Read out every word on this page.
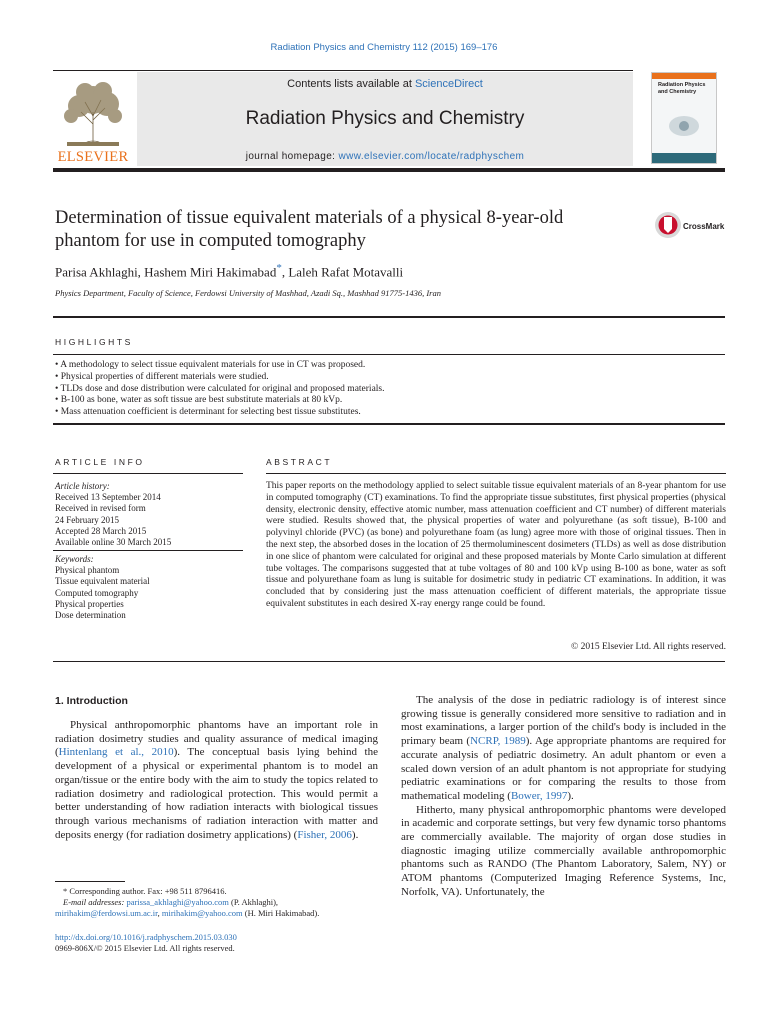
Radiation Physics and Chemistry 112 (2015) 169–176
ELSEVIER
Contents lists available at ScienceDirect
Radiation Physics and Chemistry
journal homepage: www.elsevier.com/locate/radphyschem
Radiation Physics and Chemistry
Determination of tissue equivalent materials of a physical 8-year-old
phantom for use in computed tomography
CrossMark
Parisa Akhlaghi, Hashem Miri Hakimabad*, Laleh Rafat Motavalli
Physics Department, Faculty of Science, Ferdowsi University of Mashhad, Azadi Sq., Mashhad 91775-1436, Iran
HIGHLIGHTS
• A methodology to select tissue equivalent materials for use in CT was proposed.
• Physical properties of different materials were studied.
• TLDs dose and dose distribution were calculated for original and proposed materials.
• B-100 as bone, water as soft tissue are best substitute materials at 80 kVp.
• Mass attenuation coefficient is determinant for selecting best tissue substitutes.
ARTICLE INFO
Article history:
Received 13 September 2014
Received in revised form
24 February 2015
Accepted 28 March 2015
Available online 30 March 2015
Keywords:
Physical phantom
Tissue equivalent material
Computed tomography
Physical properties
Dose determination
ABSTRACT
This paper reports on the methodology applied to select suitable tissue equivalent materials of an 8-year phantom for use in computed tomography (CT) examinations. To find the appropriate tissue substitutes, first physical properties (physical density, electronic density, effective atomic number, mass attenuation coefficient and CT number) of different materials were studied. Results showed that, the physical properties of water and polyurethane (as soft tissue), B-100 and polyvinyl chloride (PVC) (as bone) and polyurethane foam (as lung) agree more with those of original tissues. Then in the next step, the absorbed doses in the location of 25 thermoluminescent dosimeters (TLDs) as well as dose distribution in one slice of phantom were calculated for original and these proposed materials by Monte Carlo simulation at different tube voltages. The comparisons suggested that at tube voltages of 80 and 100 kVp using B-100 as bone, water as soft tissue and polyurethane foam as lung is suitable for dosimetric study in pediatric CT examinations. In addition, it was concluded that by considering just the mass attenuation coefficient of different materials, the appropriate tissue equivalent substitutes in each desired X-ray energy range could be found.
© 2015 Elsevier Ltd. All rights reserved.
1. Introduction

Physical anthropomorphic phantoms have an important role in radiation dosimetry studies and quality assurance of medical imaging (Hintenlang et al., 2010). The conceptual basis lying behind the development of a physical or experimental phantom is to model an organ/tissue or the entire body with the aim to study the topics related to radiation dosimetry and radiological protection. This would permit a better understanding of how radiation interacts with biological tissues through various mechanisms of radiation interaction with matter and deposits energy (for radiation dosimetry applications) (Fisher, 2006).

* Corresponding author. Fax: +98 511 8796416.
E-mail addresses: parissa_akhlaghi@yahoo.com (P. Akhlaghi),
mirihakim@ferdowsi.um.ac.ir, mirihakim@yahoo.com (H. Miri Hakimabad).
http://dx.doi.org/10.1016/j.radphyschem.2015.03.030
0969-806X/© 2015 Elsevier Ltd. All rights reserved.

The analysis of the dose in pediatric radiology is of interest since growing tissue is generally considered more sensitive to radiation and in most examinations, a larger portion of the child's body is included in the primary beam (NCRP, 1989). Age appropriate phantoms are required for accurate analysis of pediatric dosimetry. An adult phantom or even a scaled down version of an adult phantom is not appropriate for studying pediatric examinations or for comparing the results to those from mathematical modeling (Bower, 1997).

Hitherto, many physical anthropomorphic phantoms were developed in academic and corporate settings, but very few dynamic torso phantoms are commercially available. The majority of organ dose studies in diagnostic imaging utilize commercially available anthropomorphic phantoms such as RANDO (The Phantom Laboratory, Salem, NY) or ATOM phantoms (Computerized Imaging Reference Systems, Inc, Norfolk, VA). Unfortunately, the
